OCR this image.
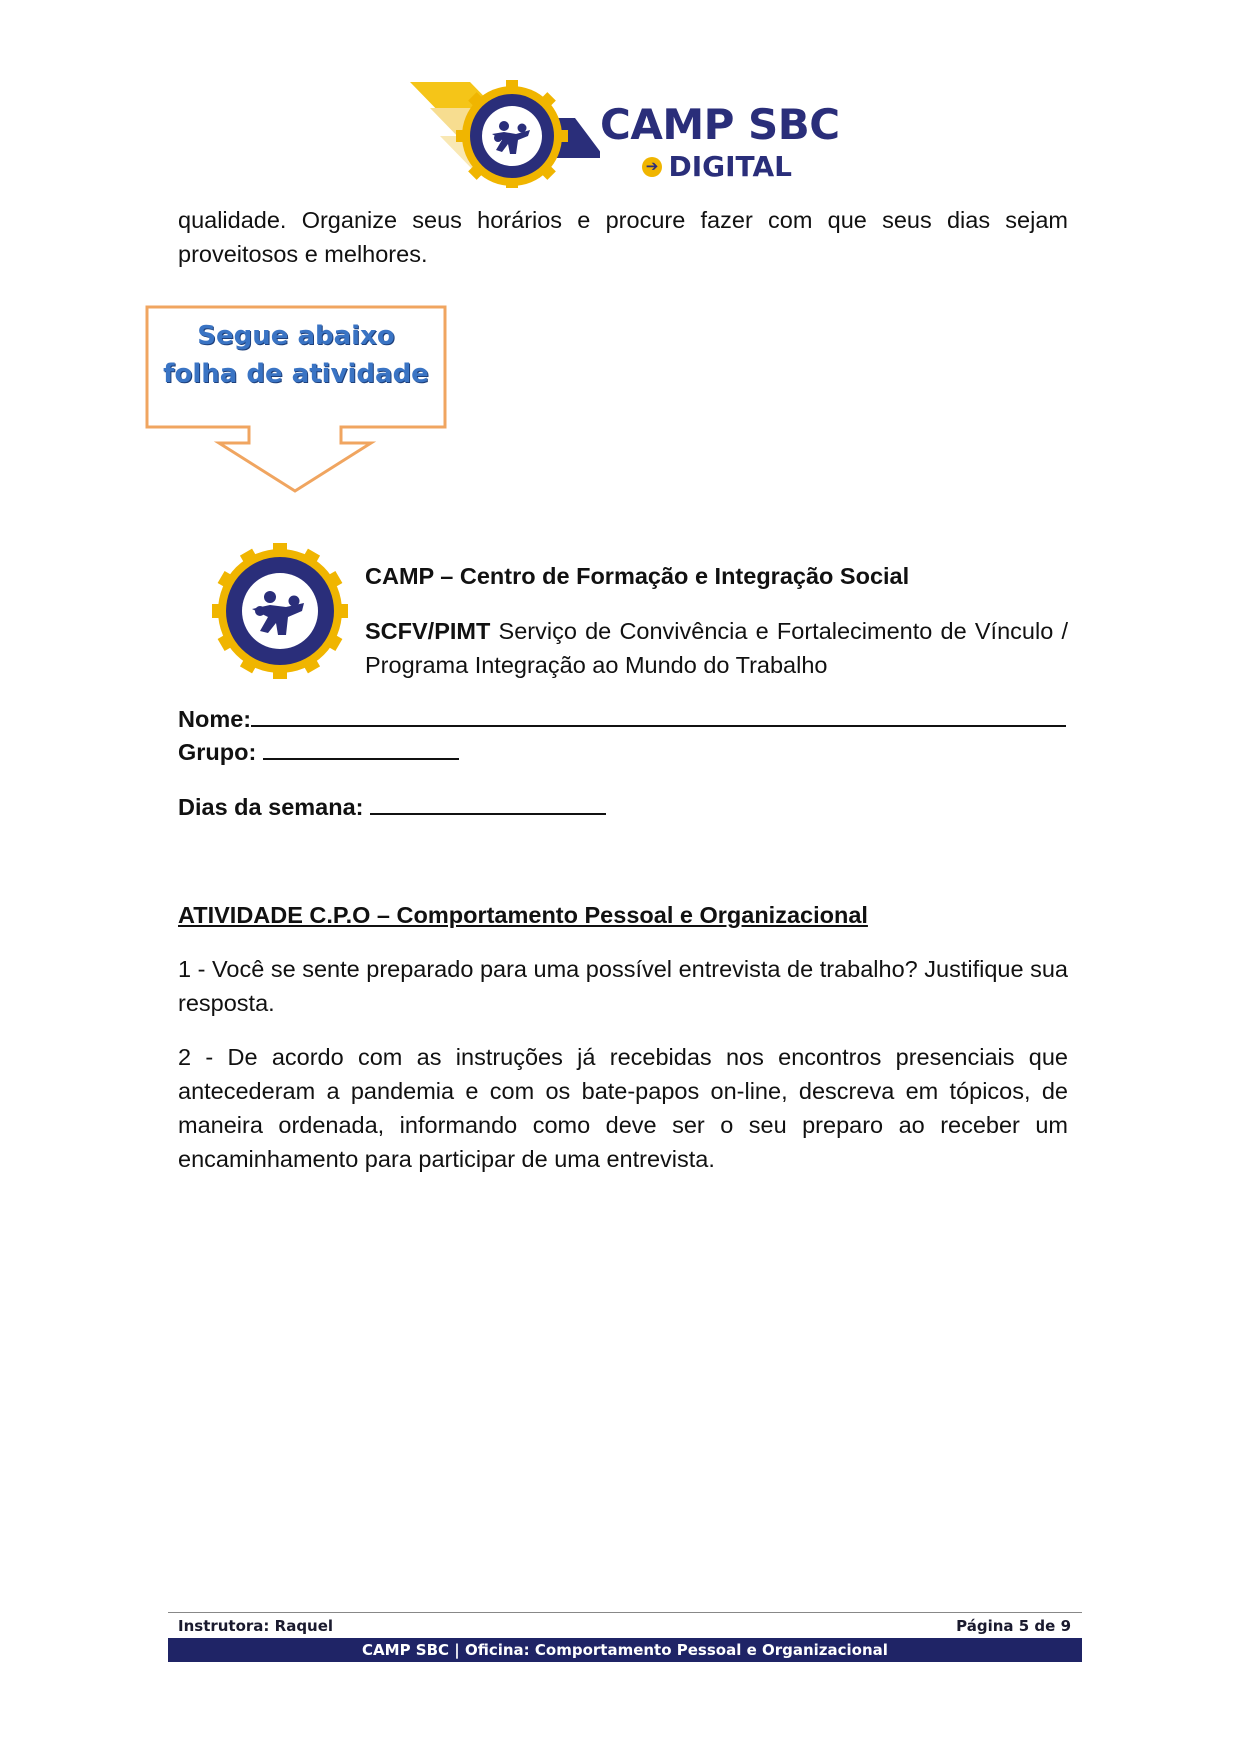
CAMP SBC
➔ DIGITAL

qualidade. Organize seus horários e procure fazer com que seus dias sejam proveitosos e melhores.

Segue abaixo
folha de atividade
CAMP – Centro de Formação e Integração Social

SCFV/PIMT Serviço de Convivência e Fortalecimento de Vínculo / Programa Integração ao Mundo do Trabalho

Nome:
Grupo:
Dias da semana:
ATIVIDADE C.P.O – Comportamento Pessoal e Organizacional

1 - Você se sente preparado para uma possível entrevista de trabalho? Justifique sua resposta.

2 - De acordo com as instruções já recebidas nos encontros presenciais que antecederam a pandemia e com os bate-papos on-line, descreva em tópicos, de maneira ordenada, informando como deve ser o seu preparo ao receber um encaminhamento para participar de uma entrevista.

Instrutora: Raquel	Página 5 de 9
CAMP SBC | Oficina: Comportamento Pessoal e Organizacional
